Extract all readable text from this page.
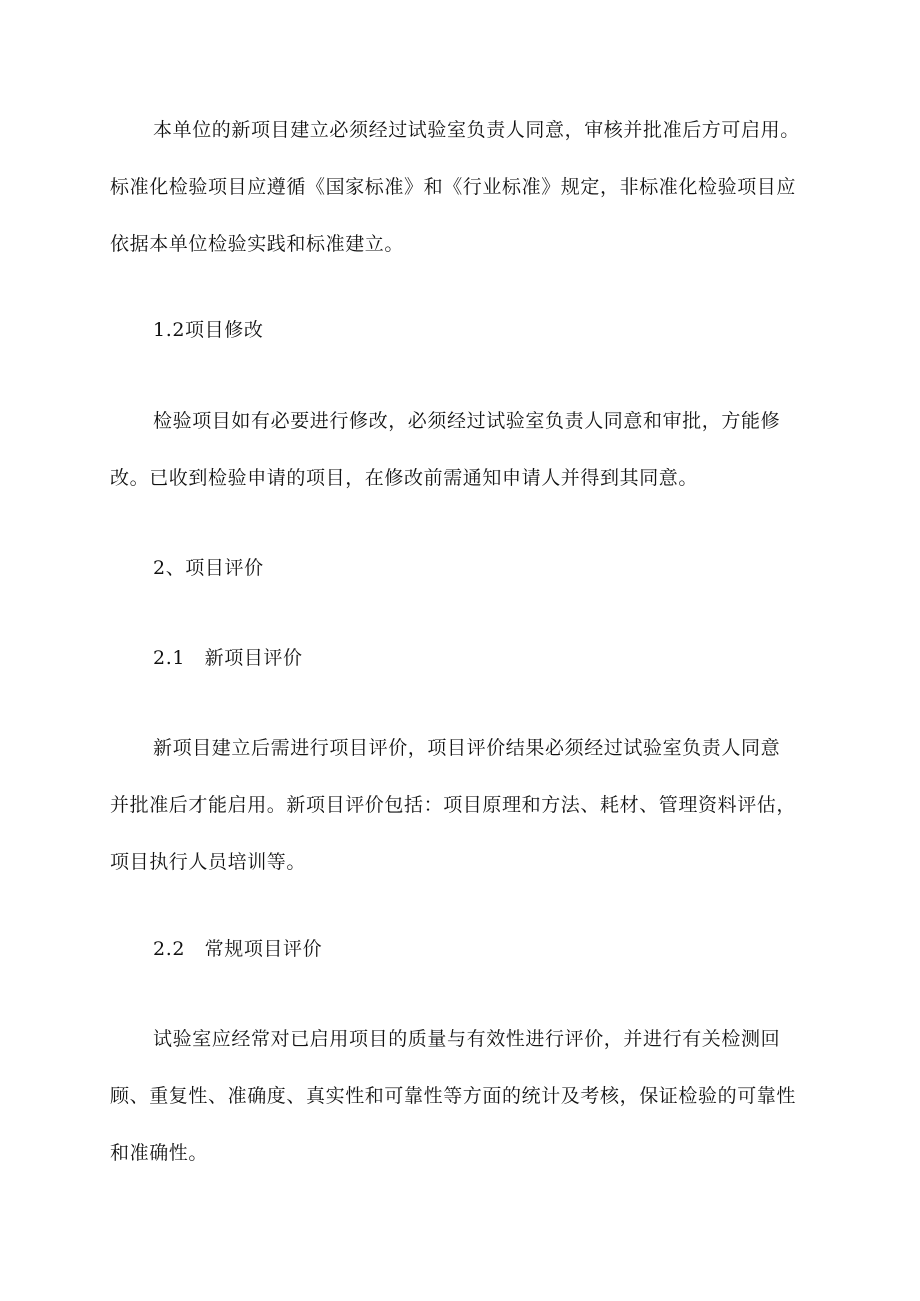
本单位的新项目建立必须经过试验室负责人同意，审核并批准后方可启用。
标准化检验项目应遵循《国家标准》和《行业标准》规定，非标准化检验项目应
依据本单位检验实践和标准建立。
1.2项目修改
检验项目如有必要进行修改，必须经过试验室负责人同意和审批，方能修
改。已收到检验申请的项目，在修改前需通知申请人并得到其同意。
2、项目评价
2.1　新项目评价
新项目建立后需进行项目评价，项目评价结果必须经过试验室负责人同意
并批准后才能启用。新项目评价包括：项目原理和方法、耗材、管理资料评估，
项目执行人员培训等。
2.2　常规项目评价
试验室应经常对已启用项目的质量与有效性进行评价，并进行有关检测回
顾、重复性、准确度、真实性和可靠性等方面的统计及考核，保证检验的可靠性
和准确性。
